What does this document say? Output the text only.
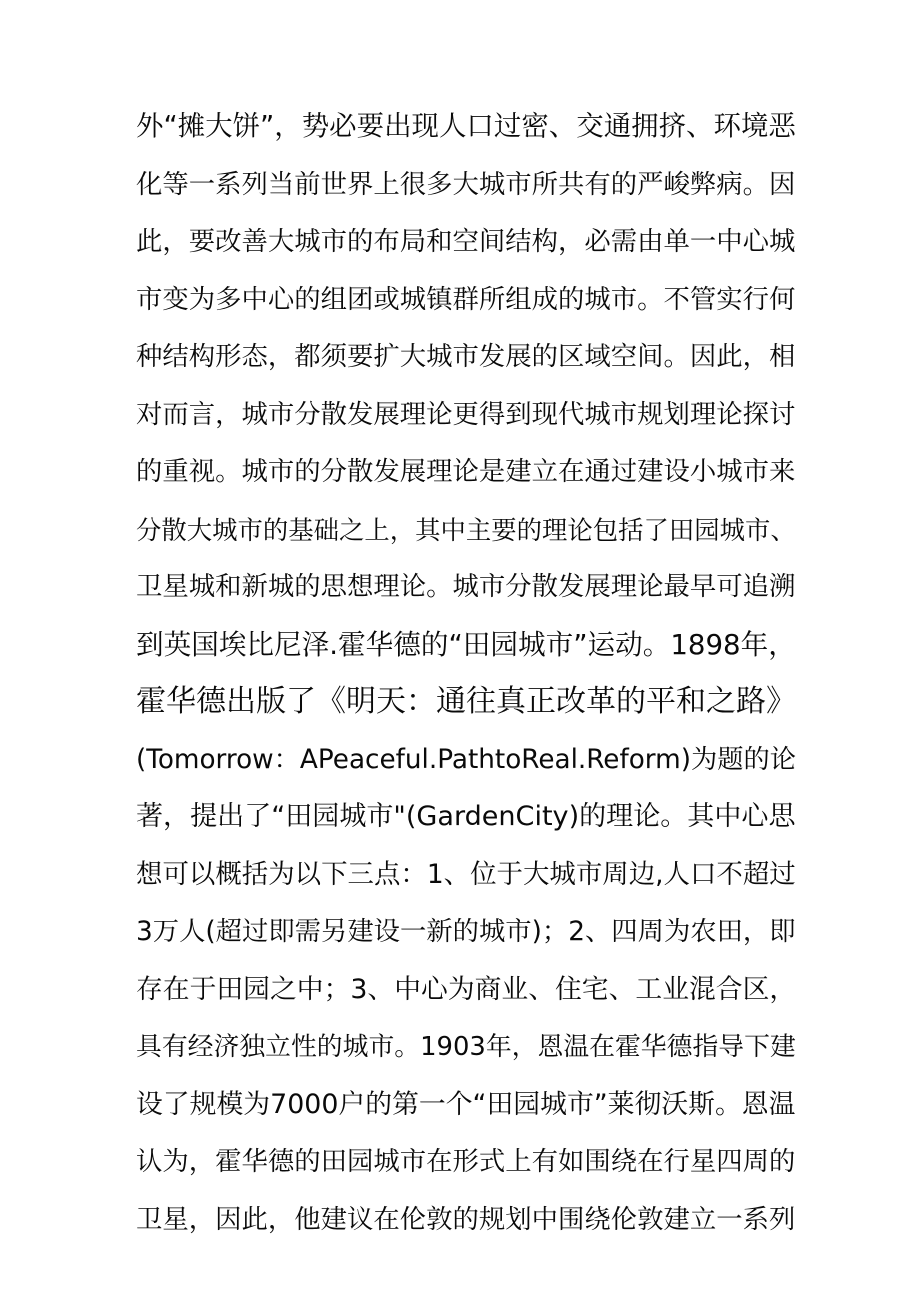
外“摊大饼”，势必要出现人口过密、交通拥挤、环境恶
化等一系列当前世界上很多大城市所共有的严峻弊病。因
此，要改善大城市的布局和空间结构，必需由单一中心城
市变为多中心的组团或城镇群所组成的城市。不管实行何
种结构形态，都须要扩大城市发展的区域空间。因此，相
对而言，城市分散发展理论更得到现代城市规划理论探讨
的重视。城市的分散发展理论是建立在通过建设小城市来
分散大城市的基础之上，其中主要的理论包括了田园城市、
卫星城和新城的思想理论。城市分散发展理论最早可追溯
到英国埃比尼泽.霍华德的“田园城市”运动。1898年，
霍华德出版了《明天：通往真正改革的平和之路》
(Tomorrow：APeaceful.PathtoReal.Reform)为题的论
著，提出了“田园城市"(GardenCity)的理论。其中心思
想可以概括为以下三点：1、位于大城市周边,人口不超过
3万人(超过即需另建设一新的城市)；2、四周为农田，即
存在于田园之中；3、中心为商业、住宅、工业混合区，
具有经济独立性的城市。1903年，恩温在霍华德指导下建
设了规模为7000户的第一个“田园城市”莱彻沃斯。恩温
认为，霍华德的田园城市在形式上有如围绕在行星四周的
卫星，因此，他建议在伦敦的规划中围绕伦敦建立一系列
